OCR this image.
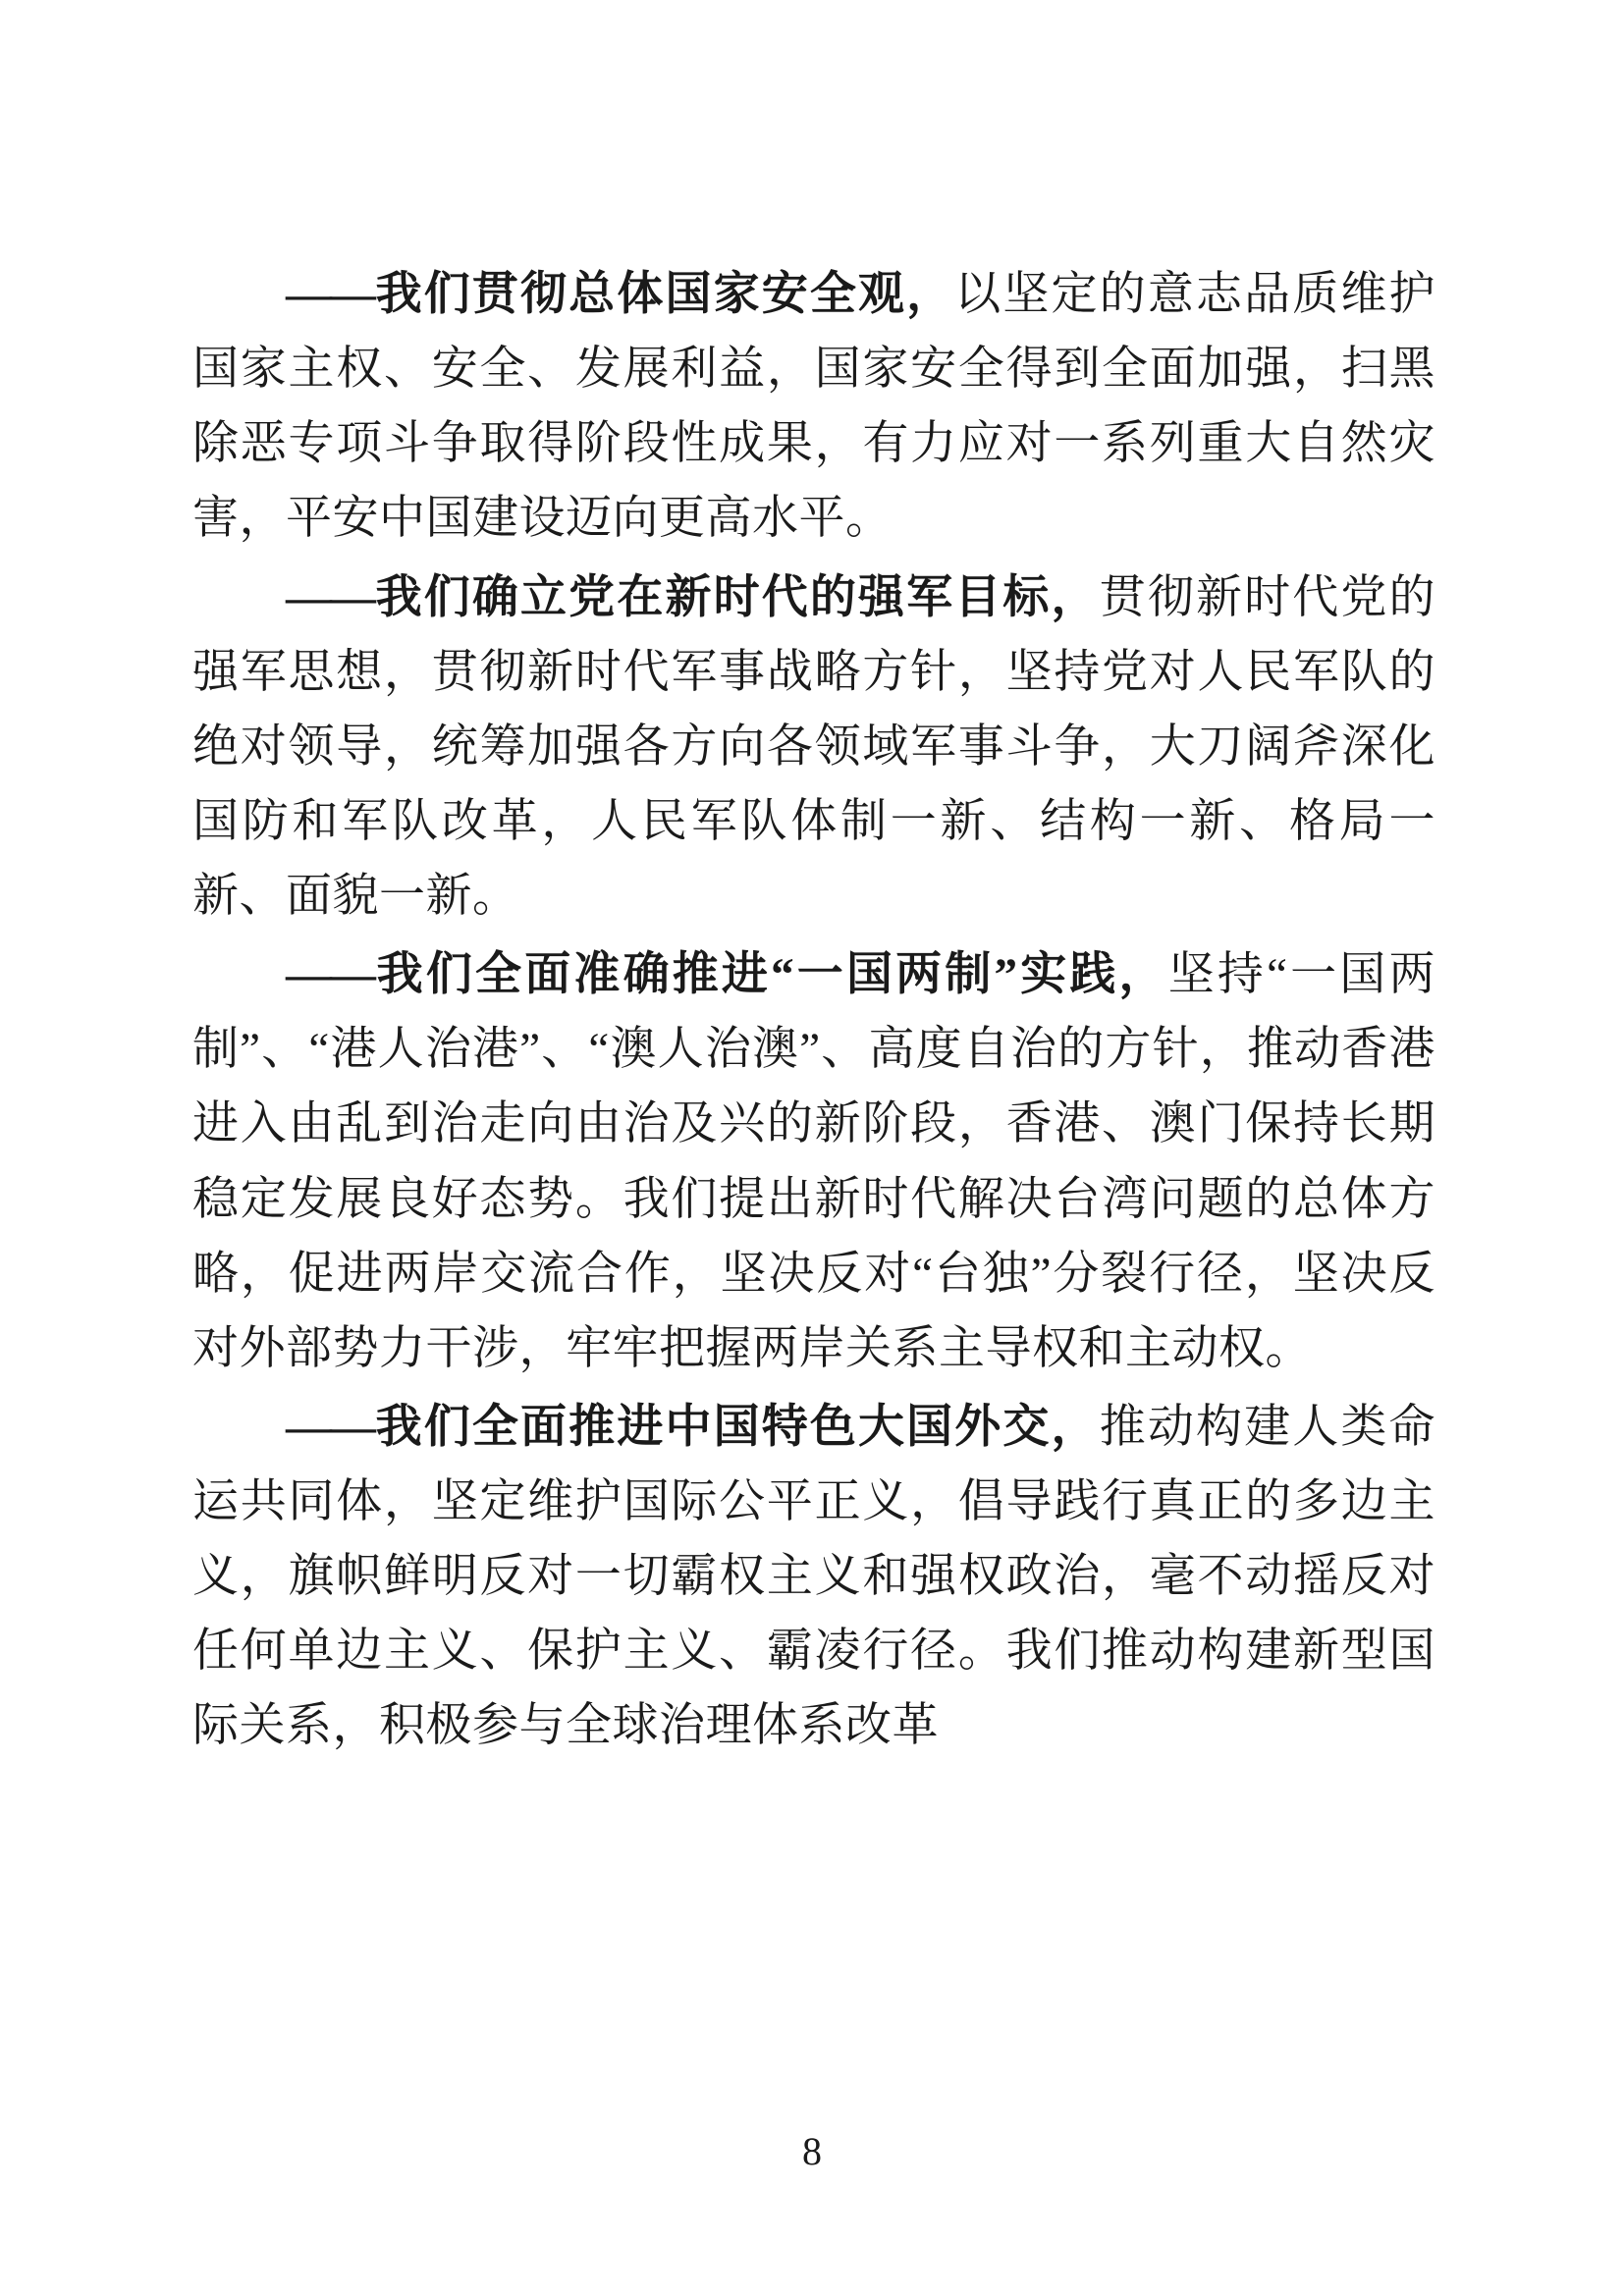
  ——我们贯彻总体国家安全观，以坚定的意志品质维护国家主权、安全、发展利益，国家安全得到全面加强，扫黑除恶专项斗争取得阶段性成果，有力应对一系列重大自然灾害，平安中国建设迈向更高水平。

  ——我们确立党在新时代的强军目标，贯彻新时代党的强军思想，贯彻新时代军事战略方针，坚持党对人民军队的绝对领导，统筹加强各方向各领域军事斗争，大刀阔斧深化国防和军队改革，人民军队体制一新、结构一新、格局一新、面貌一新。

  ——我们全面准确推进“一国两制”实践，坚持“一国两制”、“港人治港”、“澳人治澳”、高度自治的方针，推动香港进入由乱到治走向由治及兴的新阶段，香港、澳门保持长期稳定发展良好态势。我们提出新时代解决台湾问题的总体方略，促进两岸交流合作，坚决反对“台独”分裂行径，坚决反对外部势力干涉，牢牢把握两岸关系主导权和主动权。

  ——我们全面推进中国特色大国外交，推动构建人类命运共同体，坚定维护国际公平正义，倡导践行真正的多边主义，旗帜鲜明反对一切霸权主义和强权政治，毫不动摇反对任何单边主义、保护主义、霸凌行径。我们推动构建新型国际关系，积极参与全球治理体系改革

8
